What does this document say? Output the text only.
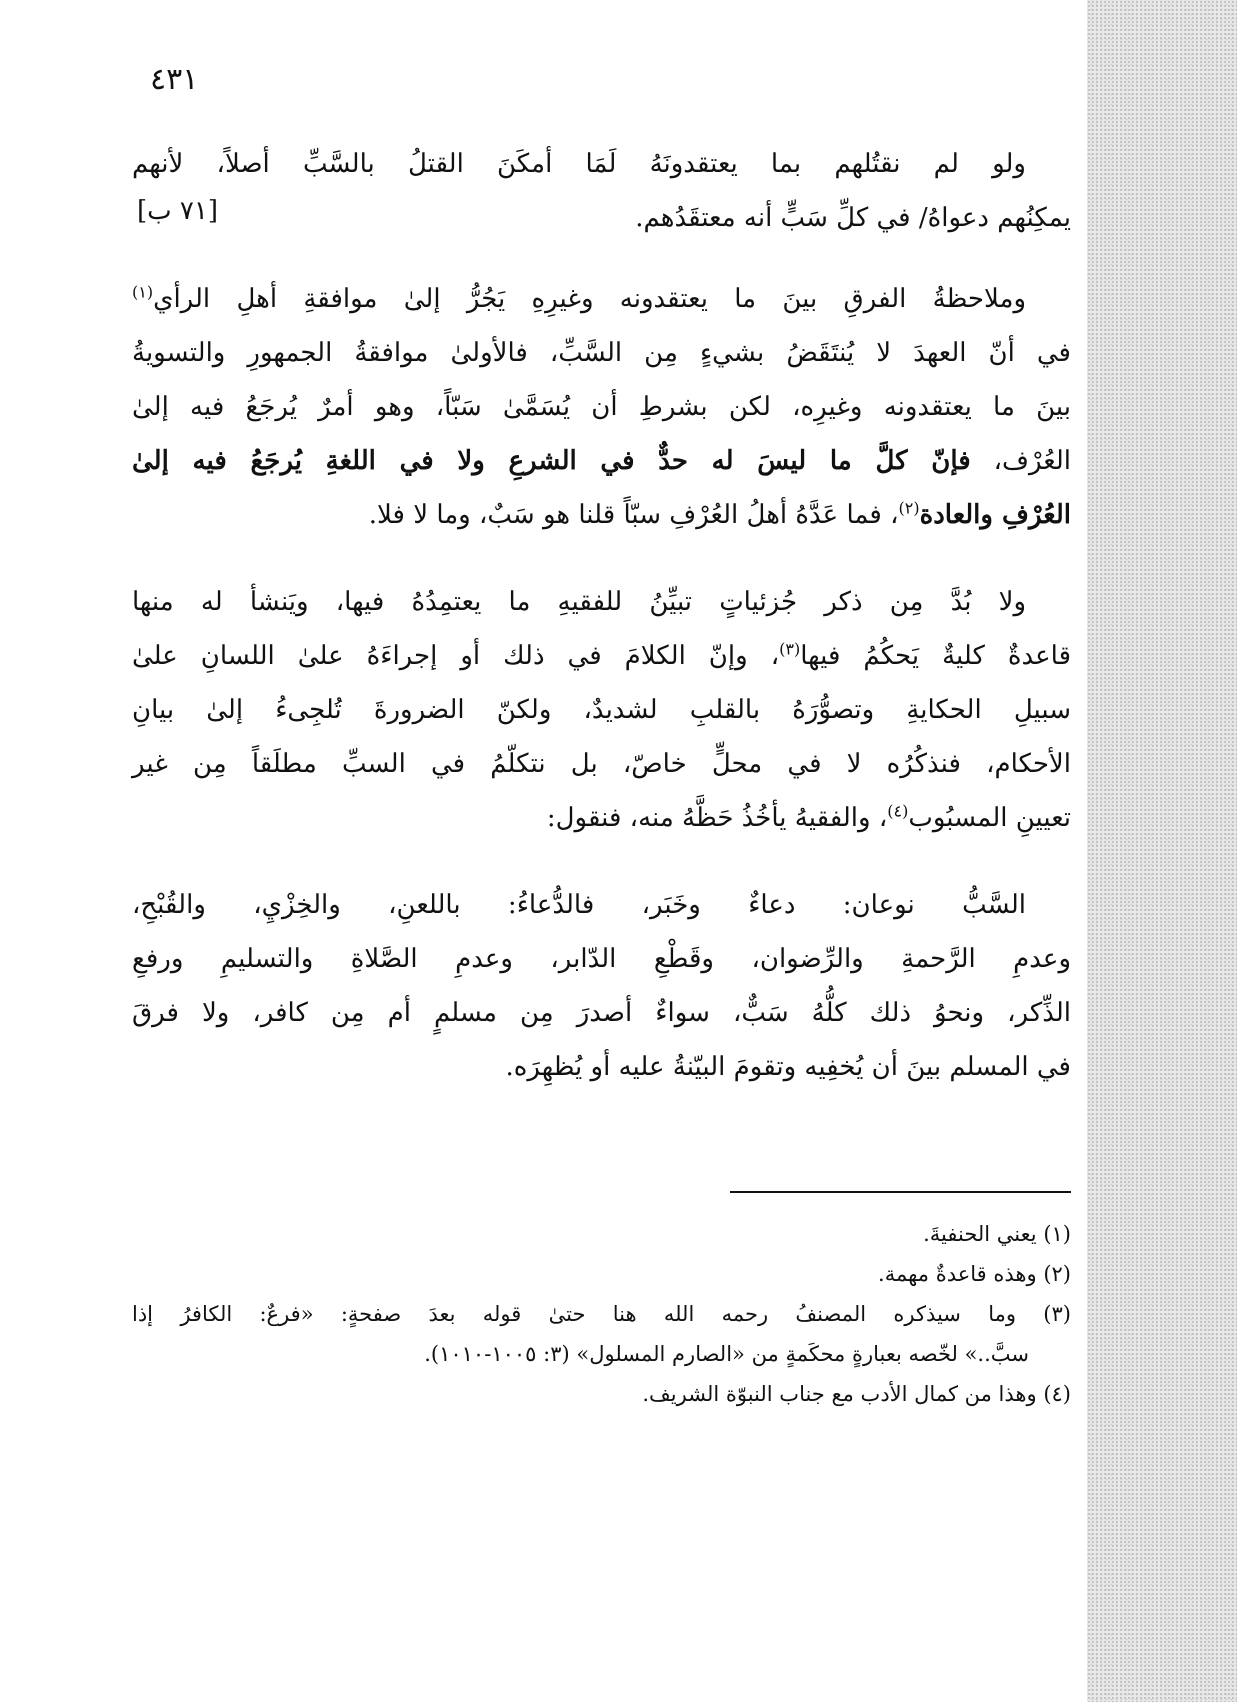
٤٣١
[٧١ ب]
ولو لم نقتُلهم بما يعتقدونَهُ لَمَا أمكَنَ القتلُ بالسَّبِّ أصلاً، لأنهم
يمكِنُهم دعواهُ/ في كلِّ سَبٍّ أنه معتقَدُهم.
وملاحظةُ الفرقِ بينَ ما يعتقدونه وغيرِهِ يَجُرُّ إلىٰ موافقةِ أهلِ الرأي$^{(١)}$
في أنّ العهدَ لا يُنتَقَضُ بشيءٍ مِن السَّبِّ، فالأولىٰ موافقةُ الجمهورِ والتسويةُ
بينَ ما يعتقدونه وغيرِه، لكن بشرطِ أن يُسَمَّىٰ سَبّاً، وهو أمرٌ يُرجَعُ فيه إلىٰ
العُرْف، فإنّ كلَّ ما ليسَ له حدٌّ في الشرعِ ولا في اللغةِ يُرجَعُ فيه إلىٰ
العُرْفِ والعادة$^{(٢)}$، فما عَدَّهُ أهلُ العُرْفِ سبّاً قلنا هو سَبٌ، وما لا فلا.
ولا بُدَّ مِن ذكر جُزئياتٍ تبيِّنُ للفقيهِ ما يعتمِدُهُ فيها، ويَنشأ له منها
قاعدةٌ كليةٌ يَحكُمُ فيها$^{(٣)}$، وإنّ الكلامَ في ذلك أو إجراءَهُ علىٰ اللسانِ علىٰ
سبيلِ الحكايةِ وتصوُّرَهُ بالقلبِ لشديدٌ، ولكنّ الضرورةَ تُلجِىءُ إلىٰ بيانِ
الأحكام، فنذكُرُه لا في محلٍّ خاصّ، بل نتكلّمُ في السبِّ مطلَقاً مِن غير
تعيينِ المسبُوب$^{(٤)}$، والفقيهُ يأخُذُ حَظَّهُ منه، فنقول:
السَّبُّ نوعان: دعاءٌ وخَبَر، فالدُّعاءُ: باللعنِ، والخِزْيِ، والقُبْحِ،
وعدمِ الرَّحمةِ والرِّضوان، وقَطْعِ الدّابر، وعدمِ الصَّلاةِ والتسليمِ ورفعِ
الذِّكر، ونحوُ ذلك كلُّهُ سَبٌّ، سواءٌ أصدرَ مِن مسلمٍ أم مِن كافر، ولا فرقَ
في المسلم بينَ أن يُخفِيه وتقومَ البيّنةُ عليه أو يُظهِرَه.
(١) يعني الحنفيةَ.
(٢) وهذه قاعدةٌ مهمة.
(٣) وما سيذكره المصنفُ رحمه الله هنا حتىٰ قوله بعدَ صفحةٍ: «فرعٌ: الكافرُ إذا
سبَّ..» لخّصه بعبارةٍ محكَمةٍ من «الصارم المسلول» (٣: ١٠٠٥-١٠١٠).
(٤) وهذا من كمال الأدب مع جناب النبوّة الشريف.
